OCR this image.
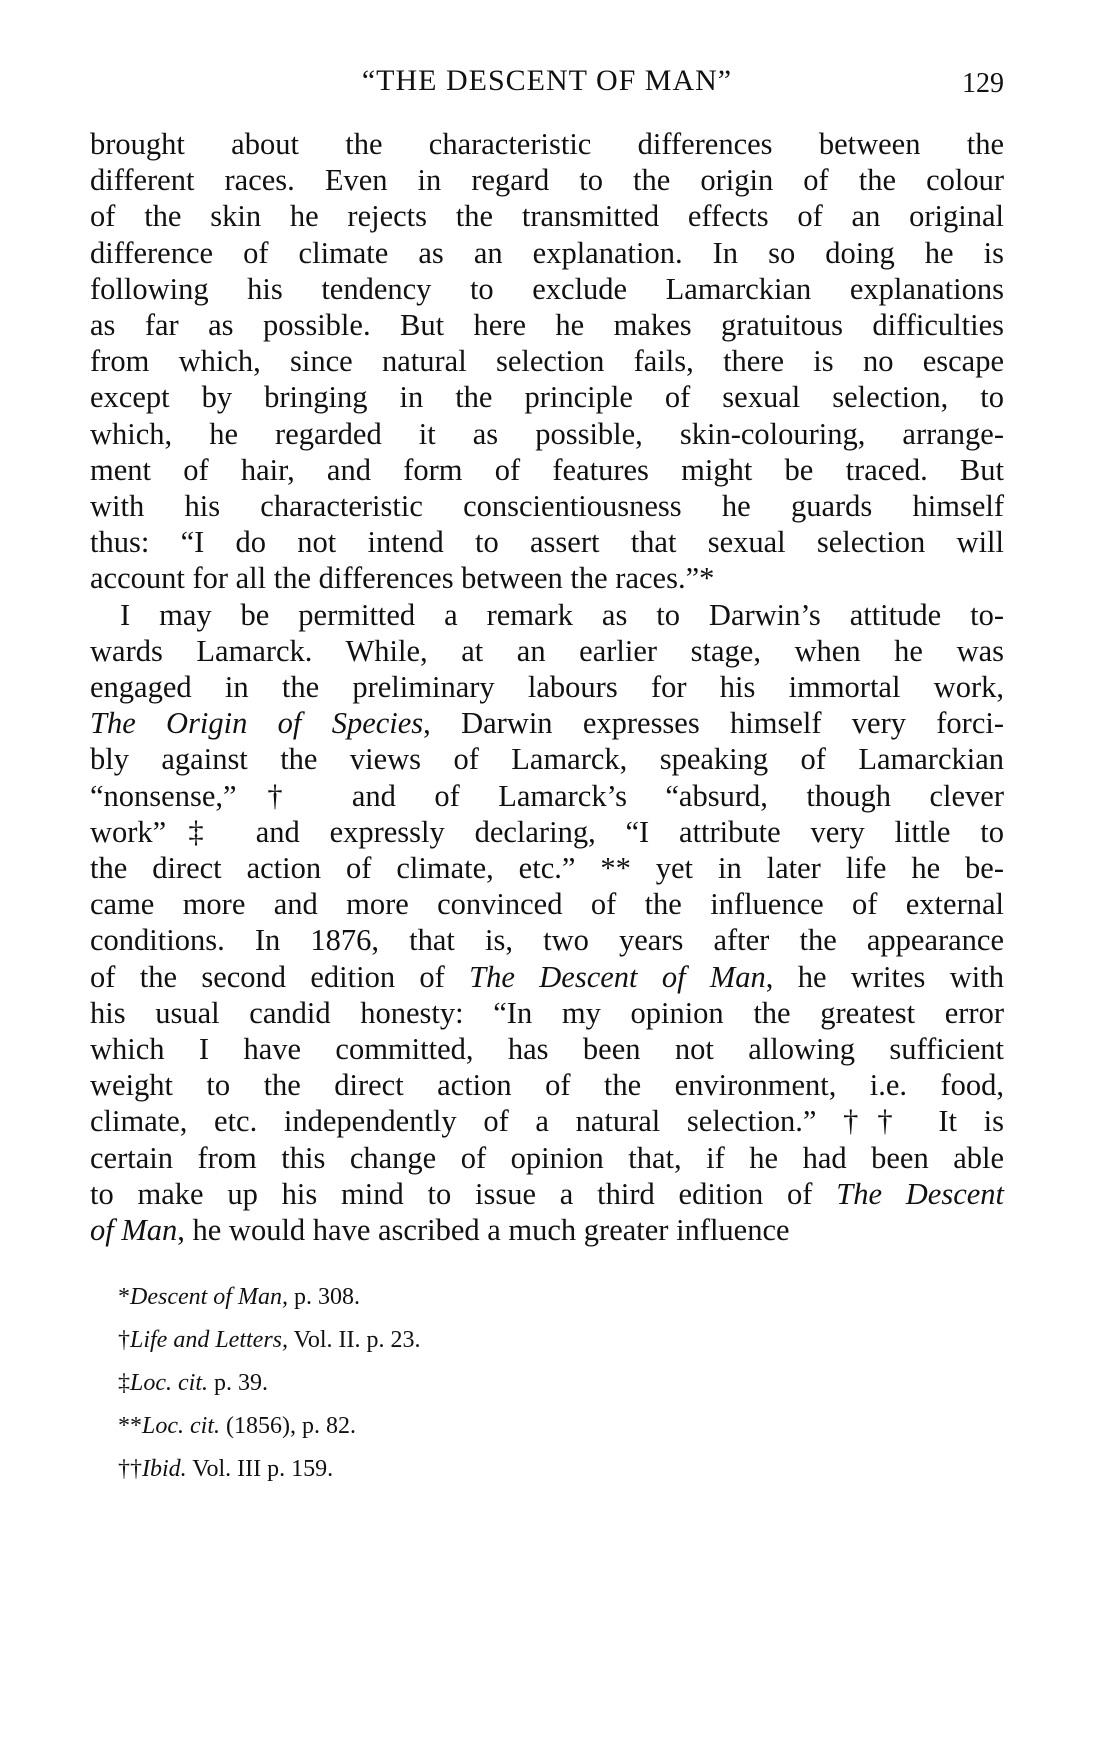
“THE DESCENT OF MAN”	129
brought about the characteristic differences between the
different races. Even in regard to the origin of the colour
of the skin he rejects the transmitted effects of an original
difference of climate as an explanation. In so doing he is
following his tendency to exclude Lamarckian explanations
as far as possible. But here he makes gratuitous difficulties
from which, since natural selection fails, there is no escape
except by bringing in the principle of sexual selection, to
which, he regarded it as possible, skin-colouring, arrange-
ment of hair, and form of features might be traced. But
with his characteristic conscientiousness he guards himself
thus: “I do not intend to assert that sexual selection will
account for all the differences between the races.”*
I may be permitted a remark as to Darwin’s attitude to-
wards Lamarck. While, at an earlier stage, when he was
engaged in the preliminary labours for his immortal work,
The Origin of Species, Darwin expresses himself very forci-
bly against the views of Lamarck, speaking of Lamarckian
“nonsense,”† and of Lamarck’s “absurd, though clever
work”‡ and expressly declaring, “I attribute very little to
the direct action of climate, etc.” ** yet in later life he be-
came more and more convinced of the influence of external
conditions. In 1876, that is, two years after the appearance
of the second edition of The Descent of Man, he writes with
his usual candid honesty: “In my opinion the greatest error
which I have committed, has been not allowing sufficient
weight to the direct action of the environment, i.e. food,
climate, etc. independently of a natural selection.” †† It is
certain from this change of opinion that, if he had been able
to make up his mind to issue a third edition of The Descent
of Man, he would have ascribed a much greater influence
*Descent of Man, p. 308.
†Life and Letters, Vol. II. p. 23.
‡Loc. cit. p. 39.
**Loc. cit. (1856), p. 82.
††Ibid. Vol. III p. 159.
